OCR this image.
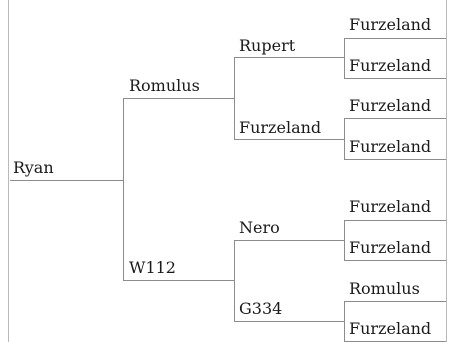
Ryan
Romulus
W112
Rupert
Furzeland
Nero
G334
Furzeland
Furzeland
Furzeland
Furzeland
Furzeland
Furzeland
Romulus
Furzeland
